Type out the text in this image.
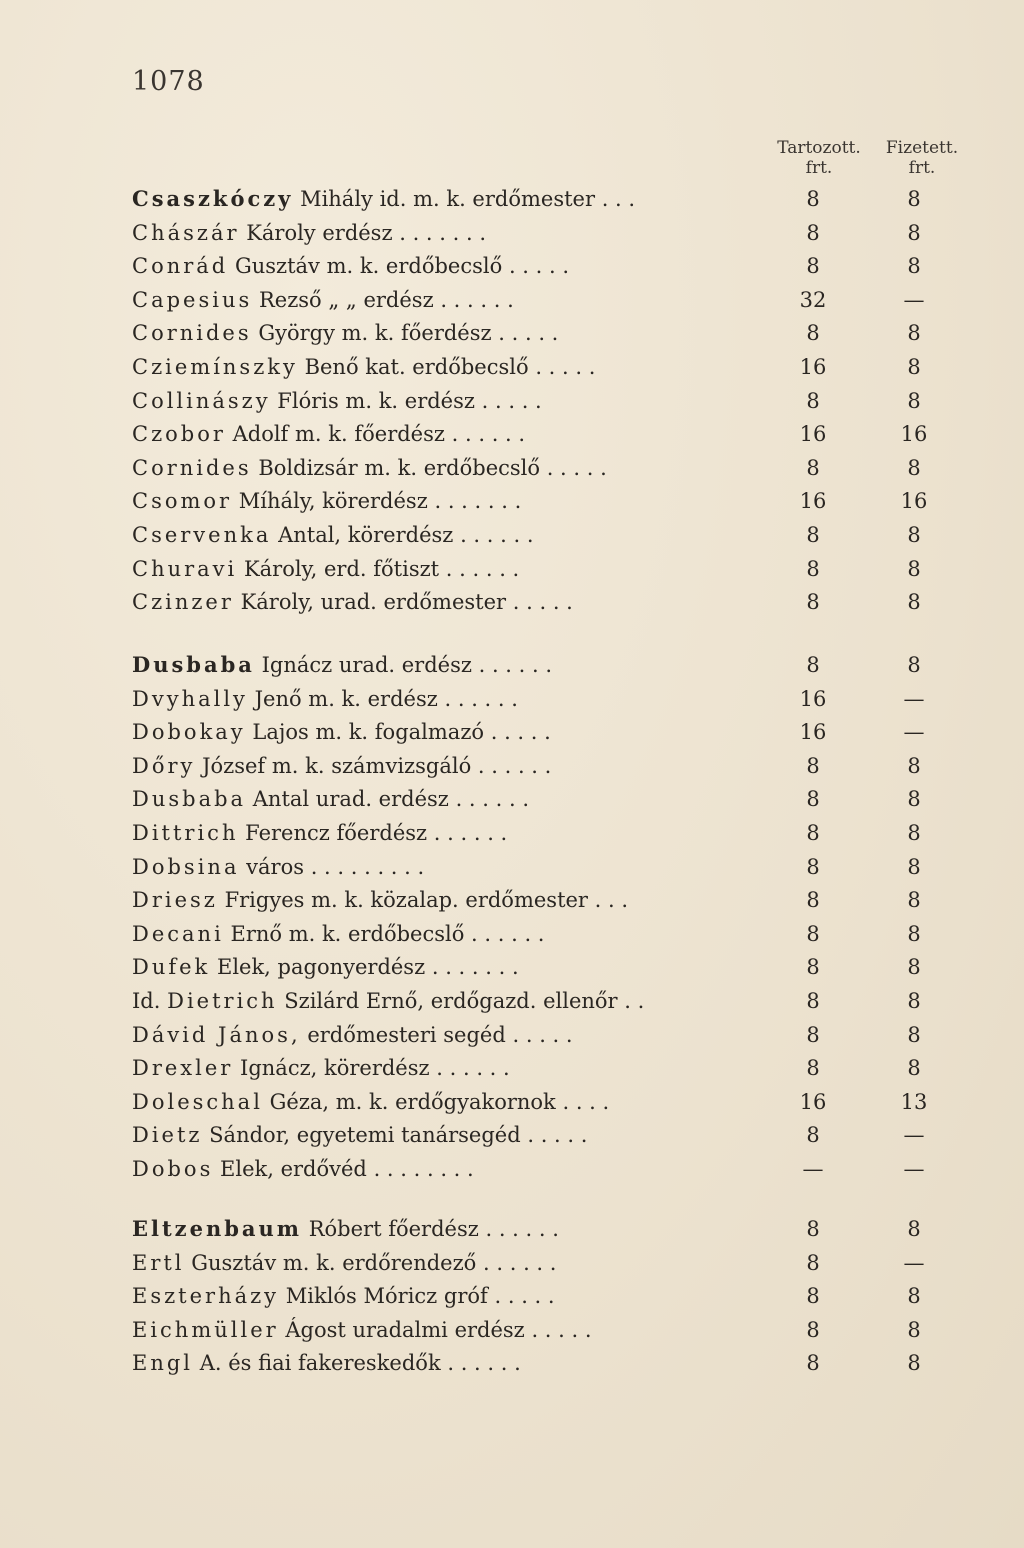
1078
Tartozott.
frt.
Fizetett.
frt.
Csaszkóczy Mihály id. m. k. erdőmester . . .	8	8
Chászár Károly erdész . . . . . . .	8	8
Conrád Gusztáv m. k. erdőbecslő . . . . .	8	8
Capesius Rezső „ „ erdész . . . . . .	32	—
Cornides György m. k. főerdész . . . . .	8	8
Cziemínszky Benő kat. erdőbecslő . . . . .	16	8
Collinászy Flóris m. k. erdész . . . . .	8	8
Czobor Adolf m. k. főerdész . . . . . .	16	16
Cornides Boldizsár m. k. erdőbecslő . . . . .	8	8
Csomor Míhály, körerdész . . . . . . .	16	16
Cservenka Antal, körerdész . . . . . .	8	8
Churavi Károly, erd. főtiszt . . . . . .	8	8
Czinzer Károly, urad. erdőmester . . . . .	8	8
Dusbaba Ignácz urad. erdész . . . . . .	8	8
Dvyhally Jenő m. k. erdész . . . . . .	16	—
Dobokay Lajos m. k. fogalmazó . . . . .	16	—
Dőry József m. k. számvizsgáló . . . . . .	8	8
Dusbaba Antal urad. erdész . . . . . .	8	8
Dittrich Ferencz főerdész . . . . . .	8	8
Dobsina város . . . . . . . . .	8	8
Driesz Frigyes m. k. közalap. erdőmester . . .	8	8
Decani Ernő m. k. erdőbecslő . . . . . .	8	8
Dufek Elek, pagonyerdész . . . . . . .	8	8
Id. Dietrich Szilárd Ernő, erdőgazd. ellenőr . .	8	8
Dávid János, erdőmesteri segéd . . . . .	8	8
Drexler Ignácz, körerdész . . . . . .	8	8
Doleschal Géza, m. k. erdőgyakornok . . . .	16	13
Dietz Sándor, egyetemi tanársegéd . . . . .	8	—
Dobos Elek, erdővéd . . . . . . . .	—	—
Eltzenbaum Róbert főerdész . . . . . .	8	8
Ertl Gusztáv m. k. erdőrendező . . . . . .	8	—
Eszterházy Miklós Móricz gróf . . . . .	8	8
Eichmüller Ágost uradalmi erdész . . . . .	8	8
Engl A. és fiai fakereskedők . . . . . .	8	8
